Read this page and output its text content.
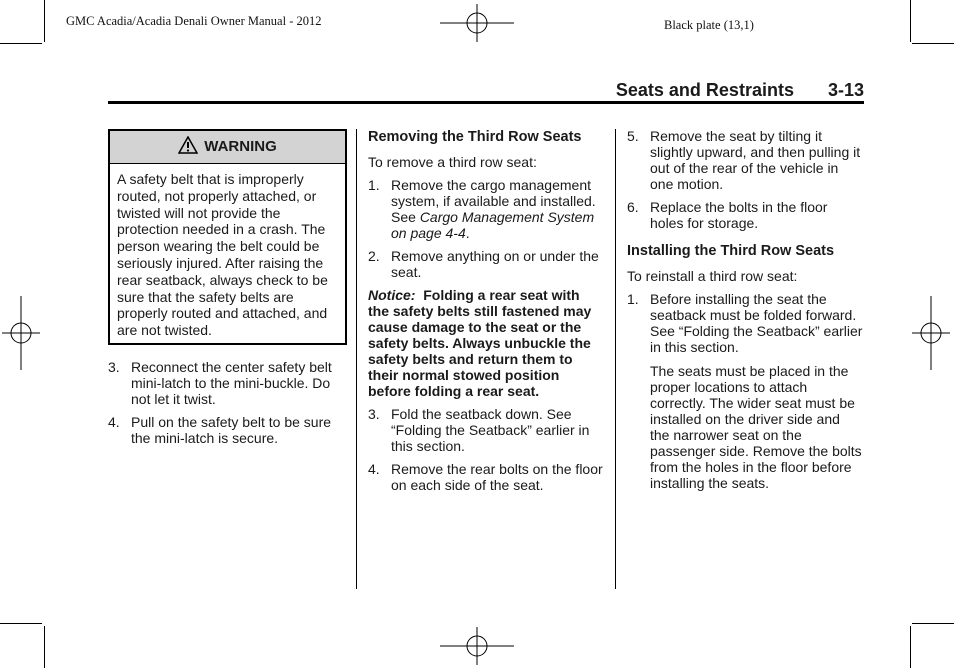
GMC Acadia/Acadia Denali Owner Manual - 2012	Black plate (13,1)
Seats and Restraints 3-13
WARNING
A safety belt that is improperly routed, not properly attached, or twisted will not provide the protection needed in a crash. The person wearing the belt could be seriously injured. After raising the rear seatback, always check to be sure that the safety belts are properly routed and attached, and are not twisted.
3. Reconnect the center safety belt mini-latch to the mini-buckle. Do not let it twist.
4. Pull on the safety belt to be sure the mini-latch is secure.
Removing the Third Row Seats
To remove a third row seat:
1. Remove the cargo management system, if available and installed. See Cargo Management System on page 4-4.
2. Remove anything on or under the seat.
Notice: Folding a rear seat with the safety belts still fastened may cause damage to the seat or the safety belts. Always unbuckle the safety belts and return them to their normal stowed position before folding a rear seat.
3. Fold the seatback down. See “Folding the Seatback” earlier in this section.
4. Remove the rear bolts on the floor on each side of the seat.
5. Remove the seat by tilting it slightly upward, and then pulling it out of the rear of the vehicle in one motion.
6. Replace the bolts in the floor holes for storage.
Installing the Third Row Seats
To reinstall a third row seat:
1. Before installing the seat the seatback must be folded forward. See “Folding the Seatback” earlier in this section.
The seats must be placed in the proper locations to attach correctly. The wider seat must be installed on the driver side and the narrower seat on the passenger side. Remove the bolts from the holes in the floor before installing the seats.
